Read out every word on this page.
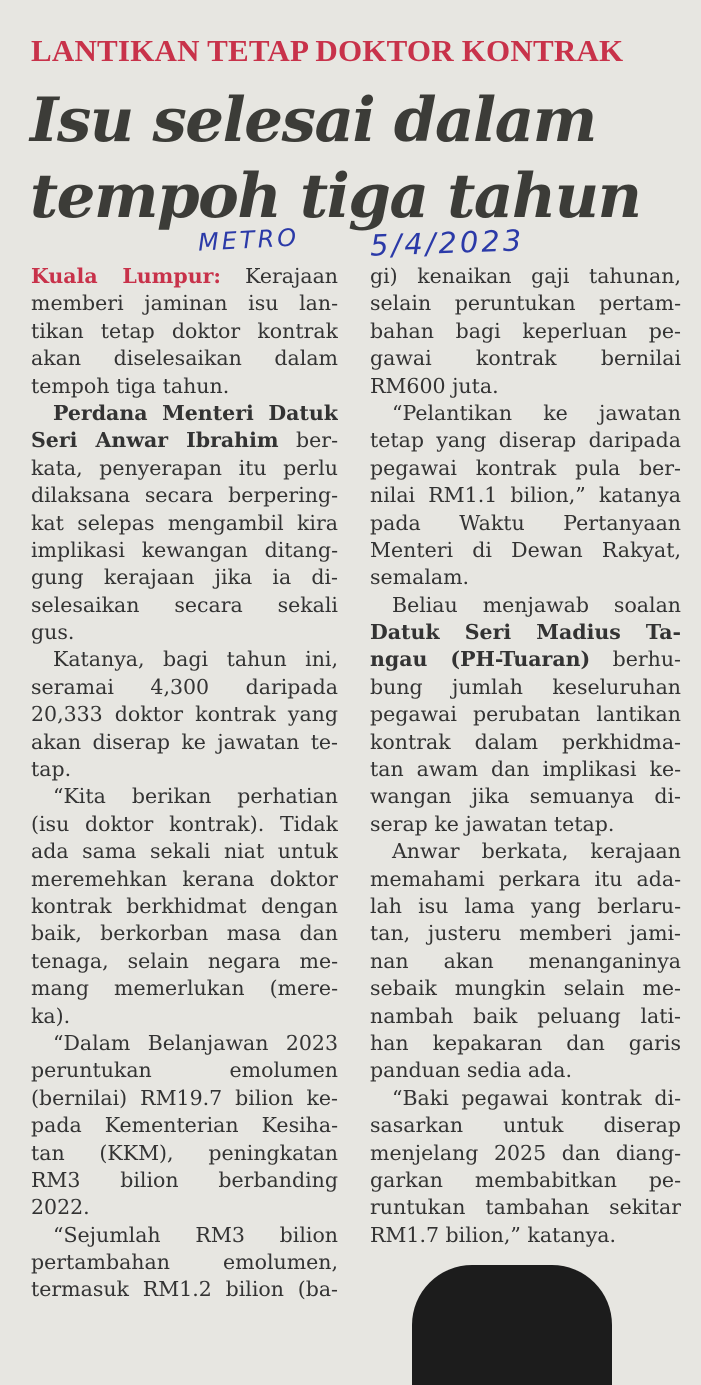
LANTIKAN TETAP DOKTOR KONTRAK
Isu selesai dalam
tempoh tiga tahun
METRO 5/4/2023
Kuala Lumpur: Kerajaan
memberi jaminan isu lan-
tikan tetap doktor kontrak
akan diselesaikan dalam
tempoh tiga tahun.
Perdana Menteri Datuk
Seri Anwar Ibrahim ber-
kata, penyerapan itu perlu
dilaksana secara berpering-
kat selepas mengambil kira
implikasi kewangan ditang-
gung kerajaan jika ia di-
selesaikan secara sekali
gus.
Katanya, bagi tahun ini,
seramai 4,300 daripada
20,333 doktor kontrak yang
akan diserap ke jawatan te-
tap.
“Kita berikan perhatian
(isu doktor kontrak). Tidak
ada sama sekali niat untuk
meremehkan kerana doktor
kontrak berkhidmat dengan
baik, berkorban masa dan
tenaga, selain negara me-
mang memerlukan (mere-
ka).
“Dalam Belanjawan 2023
peruntukan emolumen
(bernilai) RM19.7 bilion ke-
pada Kementerian Kesiha-
tan (KKM), peningkatan
RM3 bilion berbanding
2022.
“Sejumlah RM3 bilion
pertambahan emolumen,
termasuk RM1.2 bilion (ba-
gi) kenaikan gaji tahunan,
selain peruntukan pertam-
bahan bagi keperluan pe-
gawai kontrak bernilai
RM600 juta.
“Pelantikan ke jawatan
tetap yang diserap daripada
pegawai kontrak pula ber-
nilai RM1.1 bilion,” katanya
pada Waktu Pertanyaan
Menteri di Dewan Rakyat,
semalam.
Beliau menjawab soalan
Datuk Seri Madius Ta-
ngau (PH-Tuaran) berhu-
bung jumlah keseluruhan
pegawai perubatan lantikan
kontrak dalam perkhidma-
tan awam dan implikasi ke-
wangan jika semuanya di-
serap ke jawatan tetap.
Anwar berkata, kerajaan
memahami perkara itu ada-
lah isu lama yang berlaru-
tan, justeru memberi jami-
nan akan menanganinya
sebaik mungkin selain me-
nambah baik peluang lati-
han kepakaran dan garis
panduan sedia ada.
“Baki pegawai kontrak di-
sasarkan untuk diserap
menjelang 2025 dan diang-
garkan membabitkan pe-
runtukan tambahan sekitar
RM1.7 bilion,” katanya.
